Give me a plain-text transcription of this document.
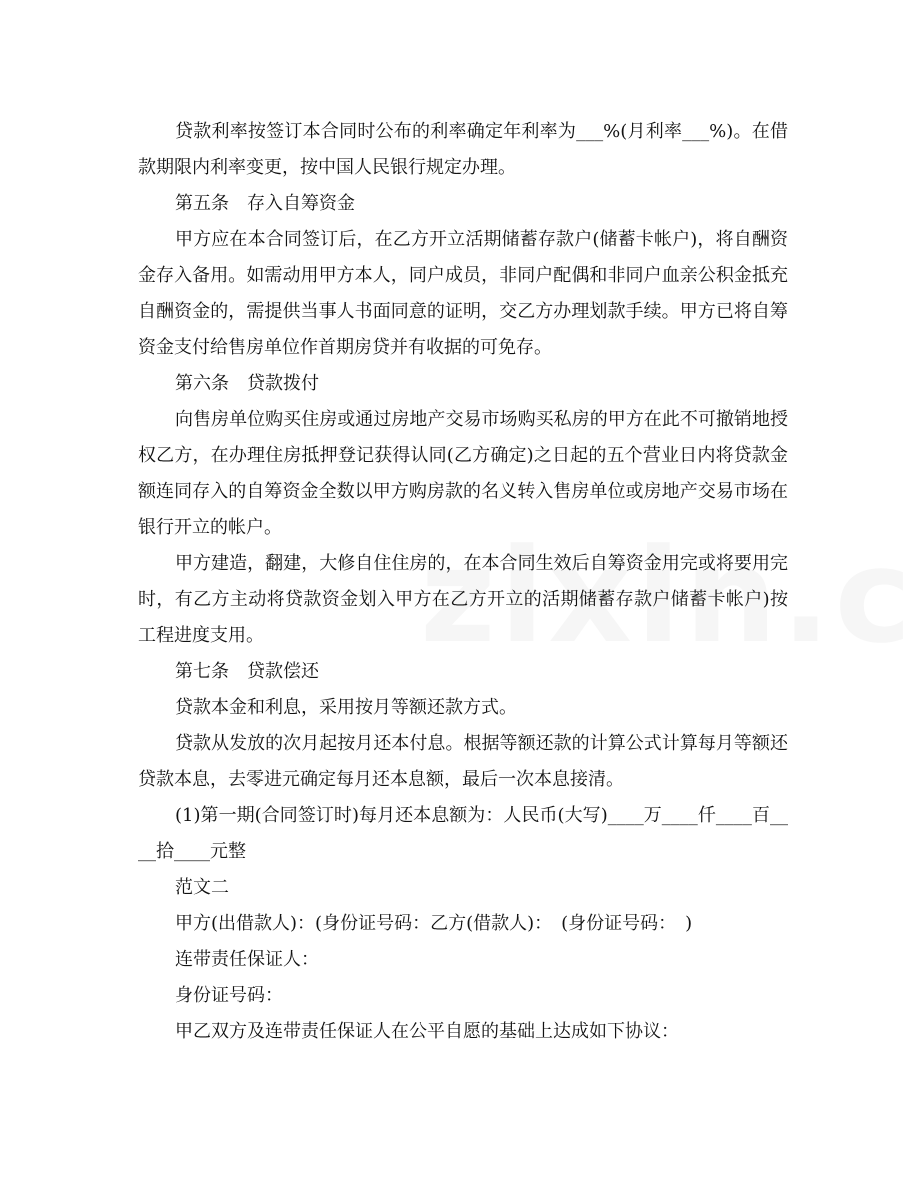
贷款利率按签订本合同时公布的利率确定年利率为___%(月利率___%)。在借款期限内利率变更，按中国人民银行规定办理。

第五条　存入自筹资金

甲方应在本合同签订后，在乙方开立活期储蓄存款户(储蓄卡帐户)，将自酬资金存入备用。如需动用甲方本人，同户成员，非同户配偶和非同户血亲公积金抵充自酬资金的，需提供当事人书面同意的证明，交乙方办理划款手续。甲方已将自筹资金支付给售房单位作首期房贷并有收据的可免存。

第六条　贷款拨付

向售房单位购买住房或通过房地产交易市场购买私房的甲方在此不可撤销地授权乙方，在办理住房抵押登记获得认同(乙方确定)之日起的五个营业日内将贷款金额连同存入的自筹资金全数以甲方购房款的名义转入售房单位或房地产交易市场在银行开立的帐户。

甲方建造，翻建，大修自住住房的，在本合同生效后自筹资金用完或将要用完时，有乙方主动将贷款资金划入甲方在乙方开立的活期储蓄存款户储蓄卡帐户)按工程进度支用。

第七条　贷款偿还

贷款本金和利息，采用按月等额还款方式。

贷款从发放的次月起按月还本付息。根据等额还款的计算公式计算每月等额还贷款本息，去零进元确定每月还本息额，最后一次本息接清。

(1)第一期(合同签订时)每月还本息额为：人民币(大写)____万____仟____百____拾____元整

范文二

甲方(出借款人)：(身份证号码：乙方(借款人)：　(身份证号码：　)

连带责任保证人：

身份证号码：

甲乙双方及连带责任保证人在公平自愿的基础上达成如下协议：
